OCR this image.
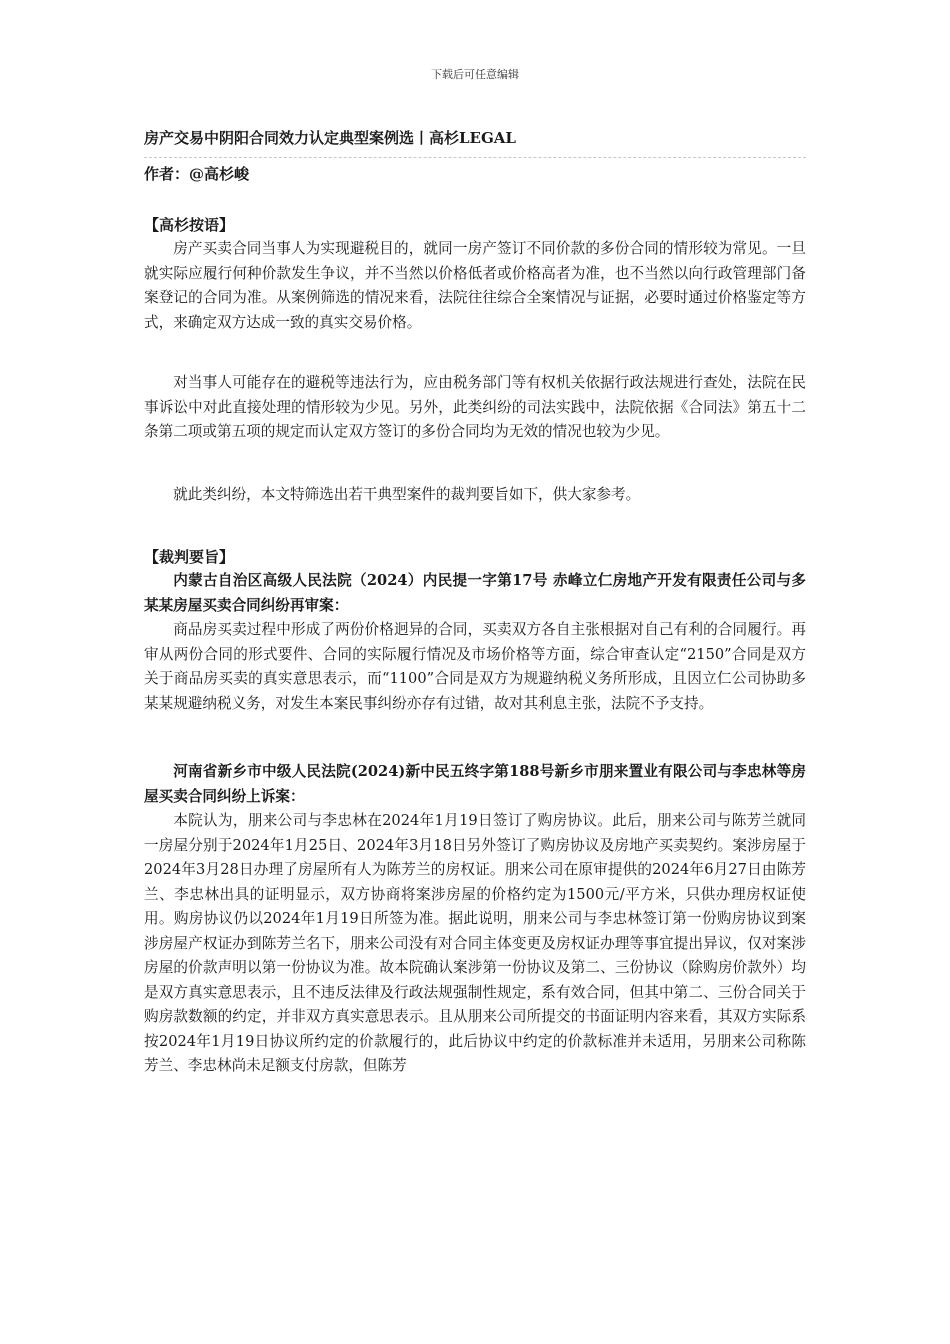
下载后可任意编辑
房产交易中阴阳合同效力认定典型案例选丨高杉LEGAL
作者：@高杉峻
【高杉按语】

房产买卖合同当事人为实现避税目的，就同一房产签订不同价款的多份合同的情形较为常见。一旦就实际应履行何种价款发生争议，并不当然以价格低者或价格高者为准，也不当然以向行政管理部门备案登记的合同为准。从案例筛选的情况来看，法院往往综合全案情况与证据，必要时通过价格鉴定等方式，来确定双方达成一致的真实交易价格。

对当事人可能存在的避税等违法行为，应由税务部门等有权机关依据行政法规进行查处，法院在民事诉讼中对此直接处理的情形较为少见。另外，此类纠纷的司法实践中，法院依据《合同法》第五十二条第二项或第五项的规定而认定双方签订的多份合同均为无效的情况也较为少见。

就此类纠纷，本文特筛选出若干典型案件的裁判要旨如下，供大家参考。

【裁判要旨】

内蒙古自治区高级人民法院（2024）内民提一字第17号 赤峰立仁房地产开发有限责任公司与多某某房屋买卖合同纠纷再审案：

商品房买卖过程中形成了两份价格迥异的合同，买卖双方各自主张根据对自己有利的合同履行。再审从两份合同的形式要件、合同的实际履行情况及市场价格等方面，综合审查认定“2150”合同是双方关于商品房买卖的真实意思表示，而“1100”合同是双方为规避纳税义务所形成，且因立仁公司协助多某某规避纳税义务，对发生本案民事纠纷亦存有过错，故对其利息主张，法院不予支持。

河南省新乡市中级人民法院(2024)新中民五终字第188号新乡市朋来置业有限公司与李忠林等房屋买卖合同纠纷上诉案：

本院认为，朋来公司与李忠林在2024年1月19日签订了购房协议。此后，朋来公司与陈芳兰就同一房屋分别于2024年1月25日、2024年3月18日另外签订了购房协议及房地产买卖契约。案涉房屋于2024年3月28日办理了房屋所有人为陈芳兰的房权证。朋来公司在原审提供的2024年6月27日由陈芳兰、李忠林出具的证明显示，双方协商将案涉房屋的价格约定为1500元/平方米，只供办理房权证使用。购房协议仍以2024年1月19日所签为准。据此说明，朋来公司与李忠林签订第一份购房协议到案涉房屋产权证办到陈芳兰名下，朋来公司没有对合同主体变更及房权证办理等事宜提出异议，仅对案涉房屋的价款声明以第一份协议为准。故本院确认案涉第一份协议及第二、三份协议（除购房价款外）均是双方真实意思表示，且不违反法律及行政法规强制性规定，系有效合同，但其中第二、三份合同关于购房款数额的约定，并非双方真实意思表示。且从朋来公司所提交的书面证明内容来看，其双方实际系按2024年1月19日协议所约定的价款履行的，此后协议中约定的价款标准并未适用，另朋来公司称陈芳兰、李忠林尚未足额支付房款，但陈芳
